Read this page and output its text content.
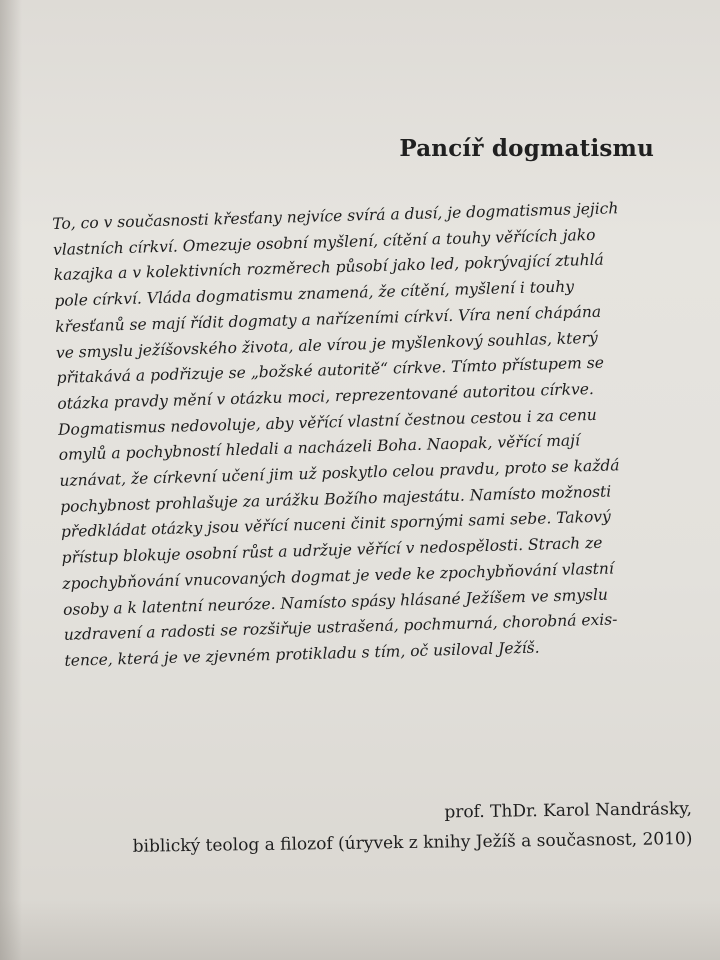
Pancíř dogmatismu
To, co v současnosti křesťany nejvíce svírá a dusí, je dogmatismus jejich
vlastních církví. Omezuje osobní myšlení, cítění a touhy věřících jako
kazajka a v kolektivních rozměrech působí jako led, pokrývající ztuhlá
pole církví. Vláda dogmatismu znamená, že cítění, myšlení i touhy
křesťanů se mají řídit dogmaty a nařízeními církví. Víra není chápána
ve smyslu ježíšovského života, ale vírou je myšlenkový souhlas, který
přitakává a podřizuje se „božské autoritě“ církve. Tímto přístupem se
otázka pravdy mění v otázku moci, reprezentované autoritou církve.
Dogmatismus nedovoluje, aby věřící vlastní čestnou cestou i za cenu
omylů a pochybností hledali a nacházeli Boha. Naopak, věřící mají
uznávat, že církevní učení jim už poskytlo celou pravdu, proto se každá
pochybnost prohlašuje za urážku Božího majestátu. Namísto možnosti
předkládat otázky jsou věřící nuceni činit spornými sami sebe. Takový
přístup blokuje osobní růst a udržuje věřící v nedospělosti. Strach ze
zpochybňování vnucovaných dogmat je vede ke zpochybňování vlastní
osoby a k latentní neuróze. Namísto spásy hlásané Ježíšem ve smyslu
uzdravení a radosti se rozšiřuje ustrašená, pochmurná, chorobná exis-
tence, která je ve zjevném protikladu s tím, oč usiloval Ježíš.
prof. ThDr. Karol Nandrásky,
biblický teolog a filozof (úryvek z knihy Ježíš a současnost, 2010)
